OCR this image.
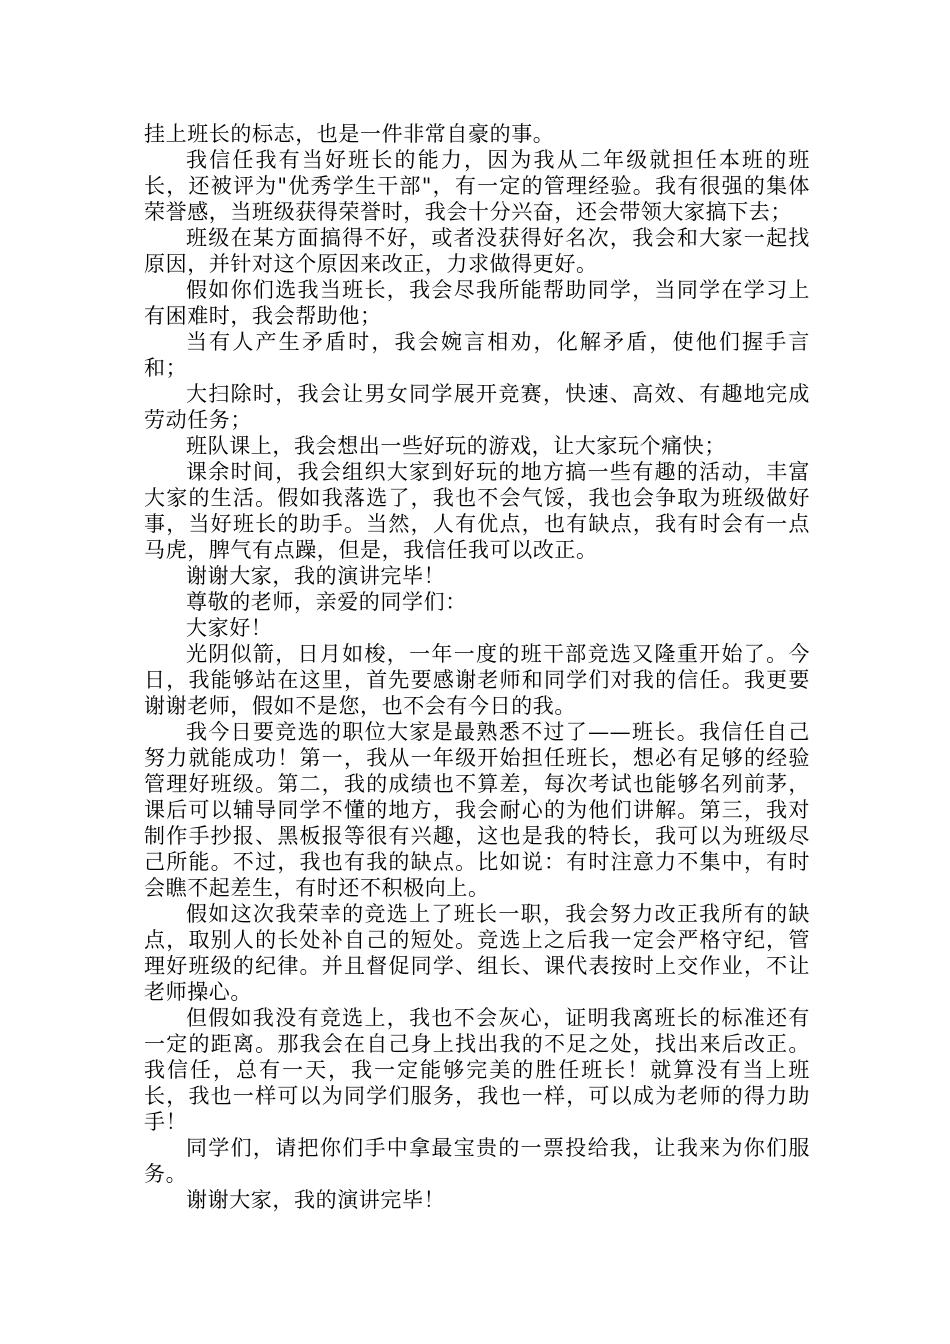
挂上班长的标志，也是一件非常自豪的事。

我信任我有当好班长的能力，因为我从二年级就担任本班的班长，还被评为"优秀学生干部"，有一定的管理经验。我有很强的集体荣誉感，当班级获得荣誉时，我会十分兴奋，还会带领大家搞下去；

班级在某方面搞得不好，或者没获得好名次，我会和大家一起找原因，并针对这个原因来改正，力求做得更好。

假如你们选我当班长，我会尽我所能帮助同学，当同学在学习上有困难时，我会帮助他；

当有人产生矛盾时，我会婉言相劝，化解矛盾，使他们握手言和；

大扫除时，我会让男女同学展开竞赛，快速、高效、有趣地完成劳动任务；

班队课上，我会想出一些好玩的游戏，让大家玩个痛快；

课余时间，我会组织大家到好玩的地方搞一些有趣的活动，丰富大家的生活。假如我落选了，我也不会气馁，我也会争取为班级做好事，当好班长的助手。当然，人有优点，也有缺点，我有时会有一点马虎，脾气有点躁，但是，我信任我可以改正。

谢谢大家，我的演讲完毕！

尊敬的老师，亲爱的同学们：

大家好！

光阴似箭，日月如梭，一年一度的班干部竞选又隆重开始了。今日，我能够站在这里，首先要感谢老师和同学们对我的信任。我更要谢谢老师，假如不是您，也不会有今日的我。

我今日要竞选的职位大家是最熟悉不过了——班长。我信任自己努力就能成功！第一，我从一年级开始担任班长，想必有足够的经验管理好班级。第二，我的成绩也不算差，每次考试也能够名列前茅，课后可以辅导同学不懂的地方，我会耐心的为他们讲解。第三，我对制作手抄报、黑板报等很有兴趣，这也是我的特长，我可以为班级尽己所能。不过，我也有我的缺点。比如说：有时注意力不集中，有时会瞧不起差生，有时还不积极向上。

假如这次我荣幸的竞选上了班长一职，我会努力改正我所有的缺点，取别人的长处补自己的短处。竞选上之后我一定会严格守纪，管理好班级的纪律。并且督促同学、组长、课代表按时上交作业，不让老师操心。

但假如我没有竞选上，我也不会灰心，证明我离班长的标准还有一定的距离。那我会在自己身上找出我的不足之处，找出来后改正。我信任，总有一天，我一定能够完美的胜任班长！就算没有当上班长，我也一样可以为同学们服务，我也一样，可以成为老师的得力助手！

同学们，请把你们手中拿最宝贵的一票投给我，让我来为你们服务。

谢谢大家，我的演讲完毕！
